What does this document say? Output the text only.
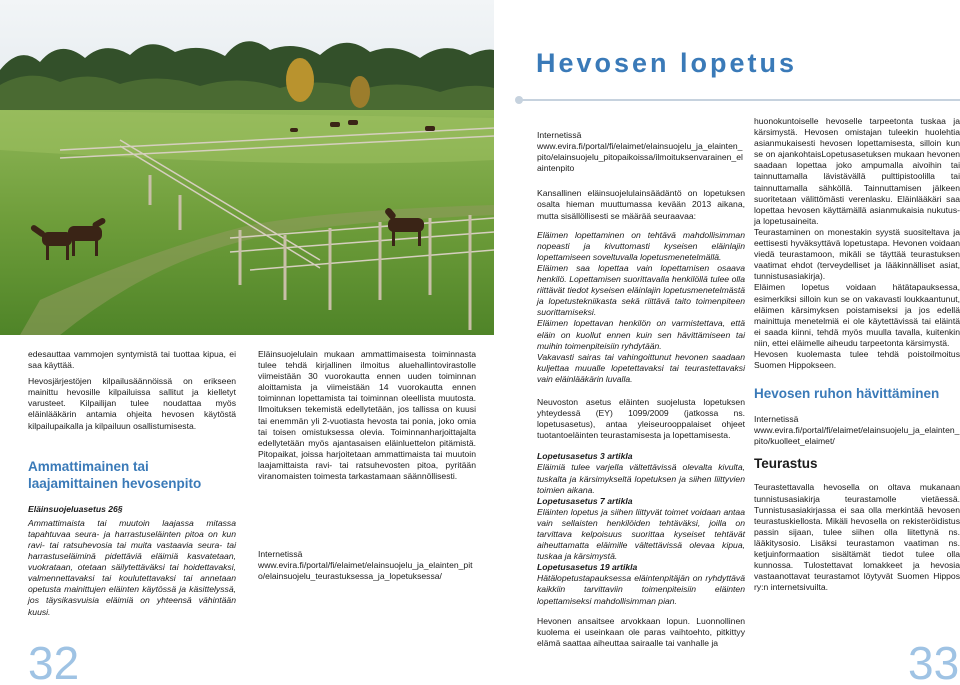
Hevosen lopetus

edesauttaa vammojen syntymistä tai tuottaa kipua, ei saa käyttää.

Hevosjärjestöjen kilpailusäännöissä on erikseen mainittu hevosille kilpailuissa sallitut ja kielletyt varusteet. Kilpailijan tulee noudattaa myös eläinlääkärin antamia ohjeita hevosen käytöstä kilpailupaikalla ja kilpailuun osallistumisesta.

Ammattimainen tai laajamittainen hevosenpito
Eläinsuojeluasetus 26§

Ammattimaista tai muutoin laajassa mitassa tapahtuvaa seura- ja harrastuseläinten pitoa on kun ravi- tai ratsuhevosia tai muita vastaavia seura- tai harrastuseläiminä pidettäviä eläimiä kasvatetaan, vuokrataan, otetaan säilytettäväksi tai hoidettavaksi, valmennettavaksi tai koulutettavaksi tai annetaan opetusta mainittujen eläinten käytössä ja käsittelyssä, jos täysikasvuisia eläimiä on yhteensä vähintään kuusi.

Eläinsuojelulain mukaan ammattimaisesta toiminnasta tulee tehdä kirjallinen ilmoitus aluehallintovirastolle viimeistään 30 vuorokautta ennen uuden toiminnan aloittamista ja viimeistään 14 vuorokautta ennen toiminnan lopettamista tai toiminnan oleellista muutosta. Ilmoituksen tekemistä edellytetään, jos tallissa on kuusi tai enemmän yli 2-vuotiasta hevosta tai ponia, joko omia tai toisen omistuksessa olevia. Toiminnanharjoittajalta edellytetään myös ajantasaisen eläinluettelon pitämistä. Pitopaikat, joissa harjoitetaan ammattimaista tai muutoin laajamittaista ravi- tai ratsuhevosten pitoa, pyritään viranomaisten toimesta tarkastamaan säännöllisesti.

Internetissä
www.evira.fi/portal/fi/elaimet/elainsuojelu_ja_elainten_pito/elainsuojelu_teurastuksessa_ja_lopetuksessa/
Internetissä

www.evira.fi/portal/fi/elaimet/elainsuojelu_ja_elainten_pito/elainsuojelu_pitopaikoissa/ilmoituksenvarainen_elaintenpito

Kansallinen eläinsuojelulainsäädäntö on lopetuksen osalta hieman muuttumassa kevään 2013 aikana, mutta sisällöllisesti se määrää seuraavaa:

Eläimen lopettaminen on tehtävä mahdollisimman nopeasti ja kivuttomasti kyseisen eläinlajin lopettamiseen soveltuvalla lopetusmenetelmällä.

Eläimen saa lopettaa vain lopettamisen osaava henkilö. Lopettamisen suorittavalla henkilöllä tulee olla riittävät tiedot kyseisen eläinlajin lopetusmenetelmästä ja lopetustekniikasta sekä riittävä taito toimenpiteen suorittamiseksi.

Eläimen lopettavan henkilön on varmistettava, että eläin on kuollut ennen kuin sen hävittämiseen tai muihin toimenpiteisiin ryhdytään.

Vakavasti sairas tai vahingoittunut hevonen saadaan kuljettaa muualle lopetettavaksi tai teurastettavaksi vain eläinlääkärin luvalla.

Neuvoston asetus eläinten suojelusta lopetuksen yhteydessä (EY) 1099/2009 (jatkossa ns. lopetusasetus), antaa yleiseurooppalaiset ohjeet tuotantoeläinten teurastamisesta ja lopettamisesta.

Lopetusasetus 3 artikla

Eläimiä tulee varjella vältettävissä olevalta kivulta, tuskalta ja kärsimykseltä lopetuksen ja siihen liittyvien toimien aikana.

Lopetusasetus 7 artikla

Eläinten lopetus ja siihen liittyvät toimet voidaan antaa vain sellaisten henkilöiden tehtäväksi, joilla on tarvittava kelpoisuus suorittaa kyseiset tehtävät aiheuttamatta eläimille vältettävissä olevaa kipua, tuskaa ja kärsimystä.

Lopetusasetus 19 artikla

Hätälopetustapauksessa eläintenpitäjän on ryhdyttävä kaikkiin tarvittaviin toimenpiteisiin eläinten lopettamiseksi mahdollisimman pian.

Hevonen ansaitsee arvokkaan lopun. Luonnollinen kuolema ei useinkaan ole paras vaihtoehto, pitkittyy elämä saattaa aiheuttaa sairaalle tai vanhalle ja

huonokuntoiselle hevoselle tarpeetonta tuskaa ja kärsimystä. Hevosen omistajan tuleekin huolehtia asianmukaisesti hevosen lopettamisesta, silloin kun se on ajankohtaisLopetusasetuksen mukaan hevonen saadaan lopettaa joko ampumalla aivoihin tai tainnuttamalla lävistävällä pulttipistoolilla tai tainnuttamalla sähköllä. Tainnuttamisen jälkeen suoritetaan välittömästi verenlasku. Eläinlääkäri saa lopettaa hevosen käyttämällä asianmukaisia nukutus- ja lopetusaineita.

Teurastaminen on monestakin syystä suositeltava ja eettisesti hyväksyttävä lopetustapa. Hevonen voidaan viedä teurastamoon, mikäli se täyttää teurastuksen vaatimat ehdot (terveydelliset ja lääkinnälliset asiat, tunnistusasiakirja).

Eläimen lopetus voidaan hätätapauksessa, esimerkiksi silloin kun se on vakavasti loukkaantunut, eläimen kärsimyksen poistamiseksi ja jos edellä mainittuja menetelmiä ei ole käytettävissä tai eläintä ei saada kiinni, tehdä myös muulla tavalla, kuitenkin niin, ettei eläimelle aiheudu tarpeetonta kärsimystä.

Hevosen kuolemasta tulee tehdä poistoilmoitus Suomen Hippokseen.

Hevosen ruhon hävittäminen
Internetissä

www.evira.fi/portal/fi/elaimet/elainsuojelu_ja_elainten_pito/kuolleet_elaimet/

Teurastus

Teurastettavalla hevosella on oltava mukanaan tunnistusasiakirja teurastamolle vietäessä. Tunnistusasiakirjassa ei saa olla merkintää hevosen teurastuskiellosta. Mikäli hevosella on rekisteröidistus passin sijaan, tulee siihen olla liitettynä ns. lääkitysosio. Lisäksi teurastamon vaatiman ns. ketjuinformaation sisältämät tiedot tulee olla kunnossa. Tulostettavat lomakkeet ja hevosia vastaanottavat teurastamot löytyvät Suomen Hippos ry:n internetsivuilta.

32	33
